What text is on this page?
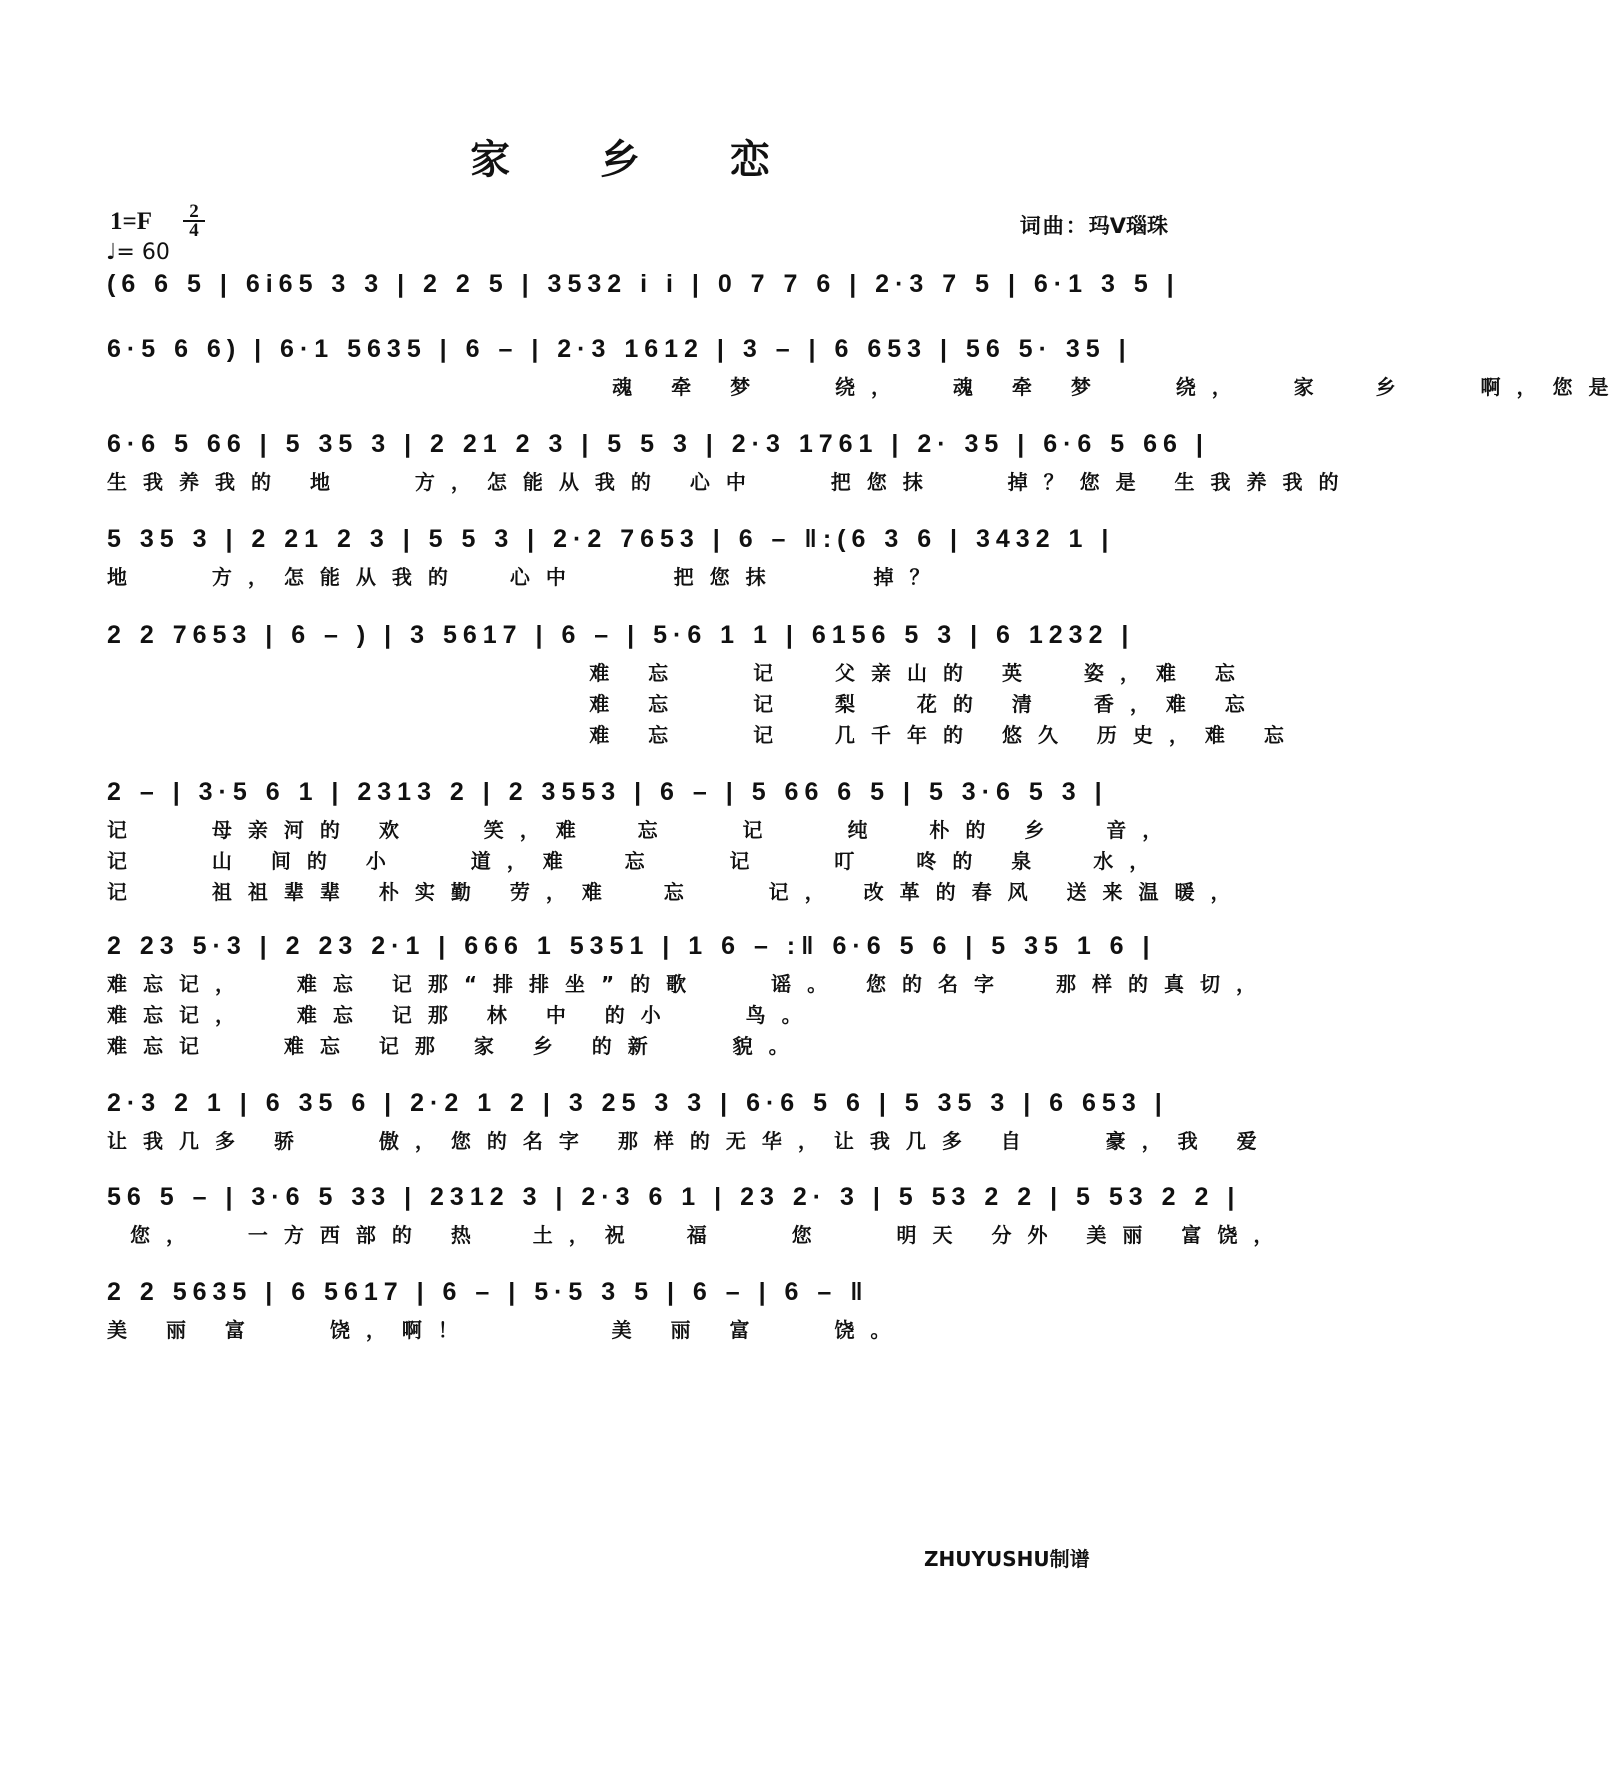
家 乡 恋
1=F	2
4
♩= 60
词曲：玛V瑙珠
(6 6 5 | 6i65 3 3 | 2 2 5 | 3532 i i | 0 7 7 6 | 2·3 7 5 | 6·1 3 5 |
6·5 6 6) | 6·1 5635 | 6 – | 2·3 1612 | 3 – | 6 653 | 56 5· 35 |
魂 牵 梦   绕，  魂 牵 梦   绕，  家  乡   啊，您是
6·6 5 66 | 5 35 3 | 2 21 2 3 | 5 5 3 | 2·3 1761 | 2· 35 | 6·6 5 66 |
生我养我的 地   方，怎能从我的 心中   把您抹   掉？您是 生我养我的
5 35 3 | 2 21 2 3 | 5 5 3 | 2·2 7653 | 6 – ‖:(6 3 6 | 3432 1 |
地   方，怎能从我的  心中    把您抹    掉？
2 2 7653 | 6 – ) | 3 5617 | 6 – | 5·6 1 1 | 6156 5 3 | 6 1232 |
难 忘   记  父亲山的 英  姿，难 忘
难 忘   记  梨  花的 清  香，难 忘
难 忘   记  几千年的 悠久 历史，难 忘
2 – | 3·5 6 1 | 2313 2 | 2 3553 | 6 – | 5 66 6 5 | 5 3·6 5 3 |
记   母亲河的 欢   笑，难  忘   记   纯  朴的 乡  音，
记   山 间的 小   道，难  忘   记   叮  咚的 泉  水，
记   祖祖辈辈 朴实勤 劳，难  忘   记， 改革的春风 送来温暖，
2 23 5·3 | 2 23 2·1 | 666 1 5351 | 1 6 – :‖ 6·6 5 6 | 5 35 1 6 |
难忘记，  难忘 记那“排排坐”的歌   谣。 您的名字  那样的真切，
难忘记，  难忘 记那 林 中 的小   鸟。
难忘记   难忘 记那 家 乡 的新   貌。
2·3 2 1 | 6 35 6 | 2·2 1 2 | 3 25 3 3 | 6·6 5 6 | 5 35 3 | 6 653 |
让我几多 骄   傲，您的名字 那样的无华，让我几多 自   豪，我 爱
56 5 – | 3·6 5 33 | 2312 3 | 2·3 6 1 | 23 2· 3 | 5 53 2 2 | 5 53 2 2 |
您，  一方西部的 热  土，祝  福   您   明天 分外 美丽 富饶，
2 2 5635 | 6 5617 | 6 – | 5·5 3 5 | 6 – | 6 – ‖
美 丽 富   饶，啊！      美 丽 富   饶。
ZHUYUSHU制谱
